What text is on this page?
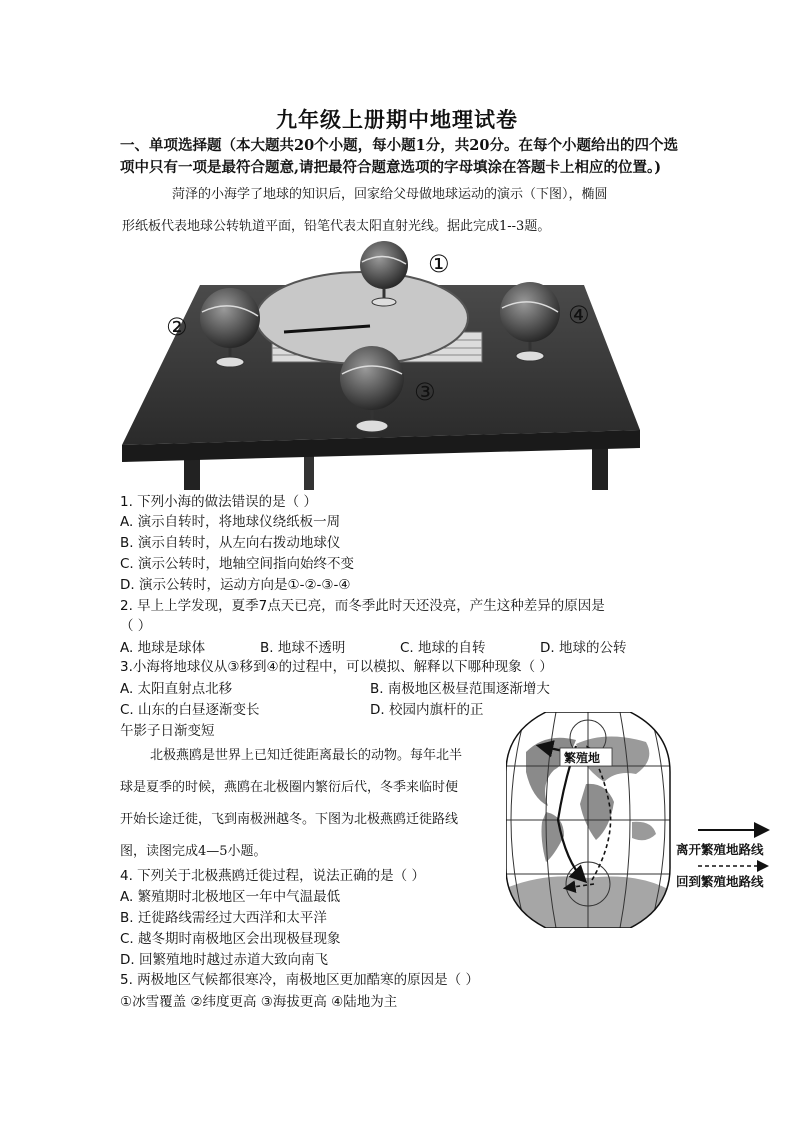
九年级上册期中地理试卷
一、单项选择题（本大题共20个小题，每小题1分，共20分。在每个小题给出的四个选
项中只有一项是最符合题意,请把最符合题意选项的字母填涂在答题卡上相应的位置。)
菏泽的小海学了地球的知识后，回家给父母做地球运动的演示（下图），椭圆
形纸板代表地球公转轨道平面，铅笔代表太阳直射光线。据此完成1--3题。
①
②
③
④
1. 下列小海的做法错误的是（ ）
A. 演示自转时，将地球仪绕纸板一周
B. 演示自转时，从左向右拨动地球仪
C. 演示公转时，地轴空间指向始终不变
D. 演示公转时，运动方向是①-②-③-④
2. 早上上学发现，夏季7点天已亮，而冬季此时天还没亮，产生这种差异的原因是
（ ）
A. 地球是球体	B. 地球不透明	C. 地球的自转	D. 地球的公转
3.小海将地球仪从③移到④的过程中，可以模拟、解释以下哪种现象（ ）
A. 太阳直射点北移	B. 南极地区极昼范围逐渐增大
C. 山东的白昼逐渐变长	D. 校园内旗杆的正
午影子日渐变短
北极燕鸥是世界上已知迁徙距离最长的动物。每年北半
球是夏季的时候，燕鸥在北极圈内繁衍后代，冬季来临时便
开始长途迁徙，飞到南极洲越冬。下图为北极燕鸥迁徙路线
图，读图完成4—5小题。
繁殖地
离开繁殖地路线
回到繁殖地路线
4. 下列关于北极燕鸥迁徙过程，说法正确的是（ ）
A. 繁殖期时北极地区一年中气温最低
B. 迁徙路线需经过大西洋和太平洋
C. 越冬期时南极地区会出现极昼现象
D. 回繁殖地时越过赤道大致向南飞
5. 两极地区气候都很寒冷，南极地区更加酷寒的原因是（ ）
①冰雪覆盖 ②纬度更高 ③海拔更高 ④陆地为主
